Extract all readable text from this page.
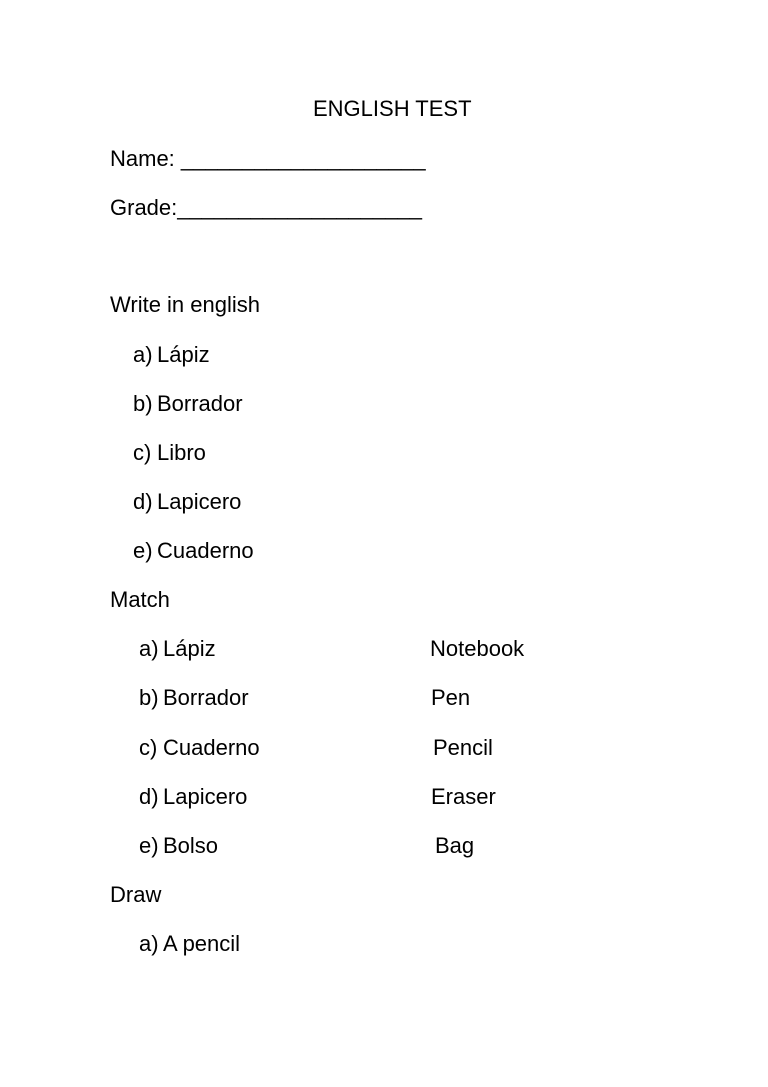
ENGLISH TEST
Name: ____________________
Grade:____________________
Write in english
a) Lápiz
b) Borrador
c) Libro
d) Lapicero
e) Cuaderno
Match
a) Lápiz
b) Borrador
c) Cuaderno
d) Lapicero
e) Bolso
Notebook
Pen
Pencil
Eraser
Bag
Draw
a) A pencil
